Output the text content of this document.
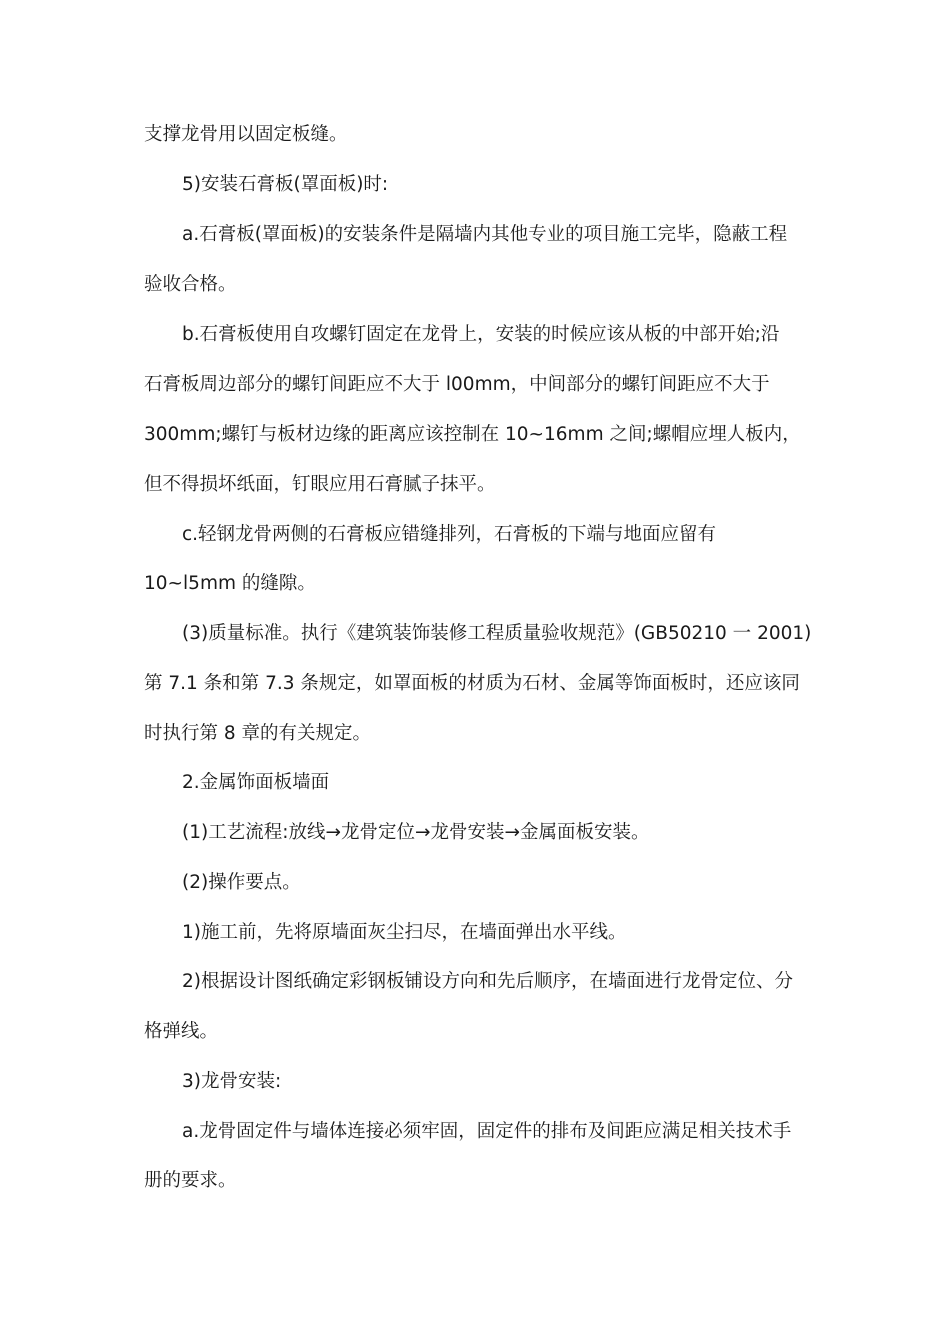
支撑龙骨用以固定板缝。
5)安装石膏板(罩面板)时:
a.石膏板(罩面板)的安装条件是隔墙内其他专业的项目施工完毕，隐蔽工程
验收合格。
b.石膏板使用自攻螺钉固定在龙骨上，安装的时候应该从板的中部开始;沿
石膏板周边部分的螺钉间距应不大于 l00mm，中间部分的螺钉间距应不大于
300mm;螺钉与板材边缘的距离应该控制在 10~16mm 之间;螺帽应埋人板内，
但不得损坏纸面，钉眼应用石膏腻子抹平。
c.轻钢龙骨两侧的石膏板应错缝排列，石膏板的下端与地面应留有
10~l5mm 的缝隙。
(3)质量标准。执行《建筑装饰装修工程质量验收规范》(GB50210 一 2001)
第 7.1 条和第 7.3 条规定，如罩面板的材质为石材、金属等饰面板时，还应该同
时执行第 8 章的有关规定。
2.金属饰面板墙面
(1)工艺流程:放线→龙骨定位→龙骨安装→金属面板安装。
(2)操作要点。
1)施工前，先将原墙面灰尘扫尽，在墙面弹出水平线。
2)根据设计图纸确定彩钢板铺设方向和先后顺序，在墙面进行龙骨定位、分
格弹线。
3)龙骨安装:
a.龙骨固定件与墙体连接必须牢固，固定件的排布及间距应满足相关技术手
册的要求。
